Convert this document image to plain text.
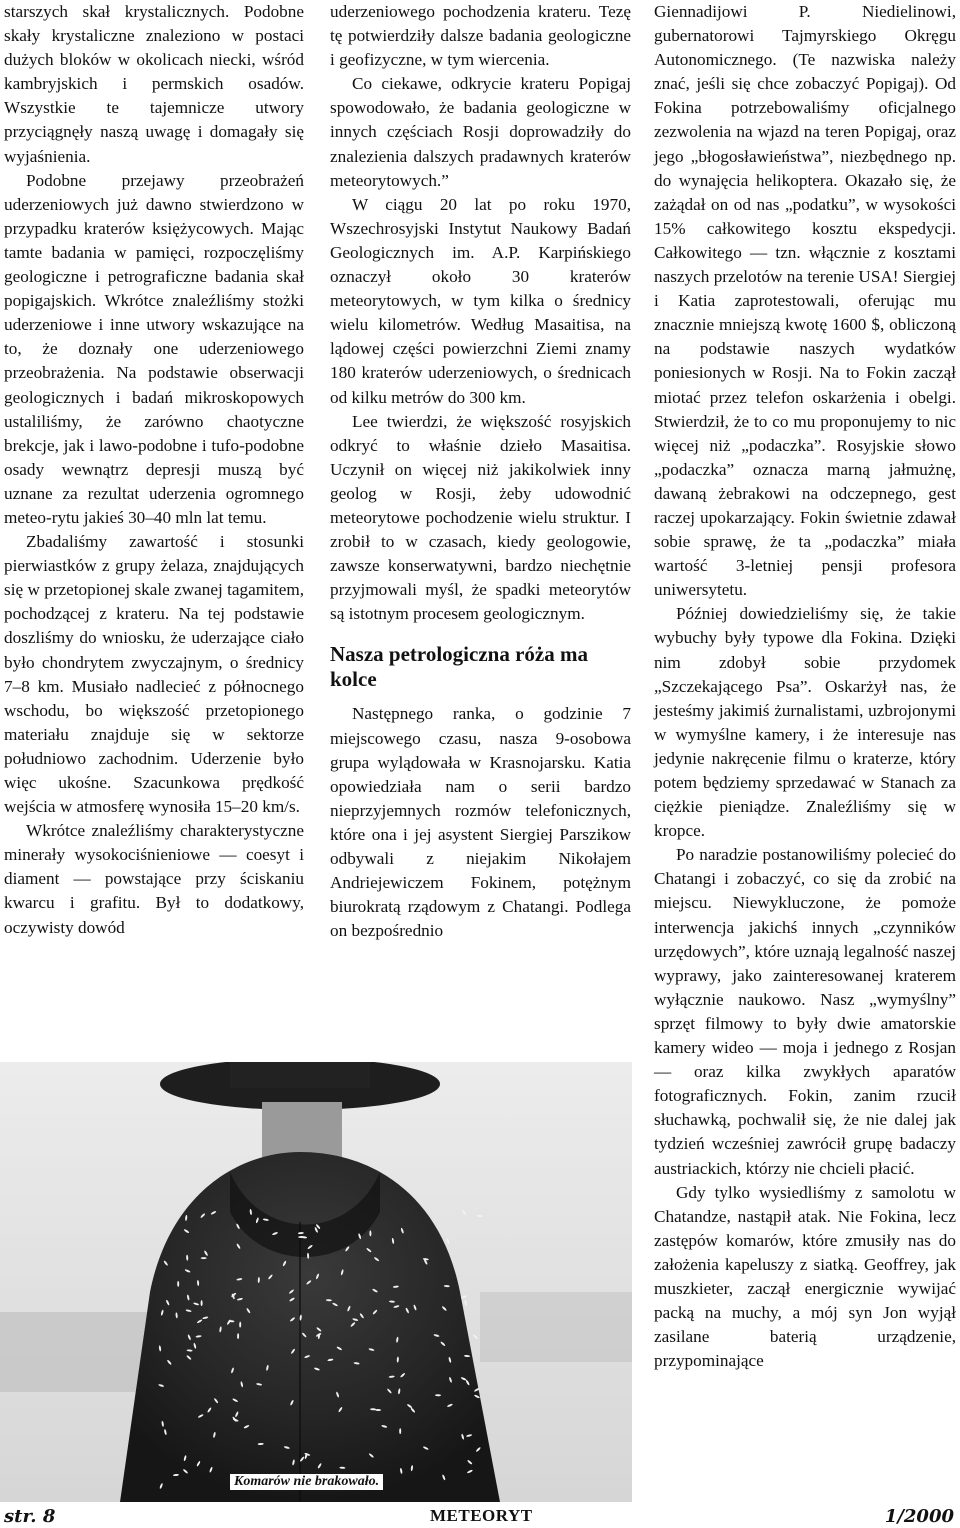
starszych skał krystalicznych. Podobne skały krystaliczne znaleziono w postaci dużych bloków w okolicach niecki, wśród kambryjskich i permskich osadów. Wszystkie te tajemnicze utwory przyciągnęły naszą uwagę i domagały się wyjaśnienia.

Podobne przejawy przeobrażeń uderzeniowych już dawno stwierdzono w przypadku kraterów księżycowych. Mając tamte badania w pamięci, rozpoczęliśmy geologiczne i petrograficzne badania skał popigajskich. Wkrótce znaleźliśmy stożki uderzeniowe i inne utwory wskazujące na to, że doznały one uderzeniowego przeobrażenia. Na podstawie obserwacji geologicznych i badań mikroskopowych ustaliliśmy, że zarówno chaotyczne brekcje, jak i lawo-podobne i tufo-podobne osady wewnątrz depresji muszą być uznane za rezultat uderzenia ogromnego meteo-rytu jakieś 30–40 mln lat temu.

Zbadaliśmy zawartość i stosunki pierwiastków z grupy żelaza, znajdujących się w przetopionej skale zwanej tagamitem, pochodzącej z krateru. Na tej podstawie doszliśmy do wniosku, że uderzające ciało było chondrytem zwyczajnym, o średnicy 7–8 km. Musiało nadlecieć z północnego wschodu, bo większość przetopionego materiału znajduje się w sektorze południowo zachodnim. Uderzenie było więc ukośne. Szacunkowa prędkość wejścia w atmosferę wynosiła 15–20 km/s.

Wkrótce znaleźliśmy charakterystyczne minerały wysokociśnieniowe — coesyt i diament — powstające przy ściskaniu kwarcu i grafitu. Był to dodatkowy, oczywisty dowód

uderzeniowego pochodzenia krateru. Tezę tę potwierdziły dalsze badania geologiczne i geofizyczne, w tym wiercenia.

Co ciekawe, odkrycie krateru Popigaj spowodowało, że badania geologiczne w innych częściach Rosji doprowadziły do znalezienia dalszych pradawnych kraterów meteorytowych.”

W ciągu 20 lat po roku 1970, Wszechrosyjski Instytut Naukowy Badań Geologicznych im. A.P. Karpińskiego oznaczył około 30 kraterów meteorytowych, w tym kilka o średnicy wielu kilometrów. Według Masaitisa, na lądowej części powierzchni Ziemi znamy 180 kraterów uderzeniowych, o średnicach od kilku metrów do 300 km.

Lee twierdzi, że większość rosyjskich odkryć to właśnie dzieło Masaitisa. Uczynił on więcej niż jakikolwiek inny geolog w Rosji, żeby udowodnić meteorytowe pochodzenie wielu struktur. I zrobił to w czasach, kiedy geologowie, zawsze konserwatywni, bardzo niechętnie przyjmowali myśl, że spadki meteorytów są istotnym procesem geologicznym.

Nasza petrologiczna róża ma kolce

Następnego ranka, o godzinie 7 miejscowego czasu, nasza 9-osobowa grupa wylądowała w Krasnojarsku. Katia opowiedziała nam o serii bardzo nieprzyjemnych rozmów telefonicznych, które ona i jej asystent Siergiej Parszikow odbywali z niejakim Nikołajem Andriejewiczem Fokinem, potężnym biurokratą rządowym z Chatangi. Podlega on bezpośrednio

Giennadijowi P. Niedielinowi, gubernatorowi Tajmyrskiego Okręgu Autonomicznego. (Te nazwiska należy znać, jeśli się chce zobaczyć Popigaj). Od Fokina potrzebowaliśmy oficjalnego zezwolenia na wjazd na teren Popigaj, oraz jego „błogosławieństwa”, niezbędnego np. do wynajęcia helikoptera. Okazało się, że zażądał on od nas „podatku”, w wysokości 15% całkowitego kosztu ekspedycji. Całkowitego — tzn. włącznie z kosztami naszych przelotów na terenie USA! Siergiej i Katia zaprotestowali, oferując mu znacznie mniejszą kwotę 1600 $, obliczoną na podstawie naszych wydatków poniesionych w Rosji. Na to Fokin zaczął miotać przez telefon oskarżenia i obelgi. Stwierdził, że to co mu proponujemy to nic więcej niż „podaczka”. Rosyjskie słowo „podaczka” oznacza marną jałmużnę, dawaną żebrakowi na odczepnego, gest raczej upokarzający. Fokin świetnie zdawał sobie sprawę, że ta „podaczka” miała wartość 3-letniej pensji profesora uniwersytetu.

Później dowiedzieliśmy się, że takie wybuchy były typowe dla Fokina. Dzięki nim zdobył sobie przydomek „Szczekającego Psa”. Oskarżył nas, że jesteśmy jakimiś żurnalistami, uzbrojonymi w wymyślne kamery, i że interesuje nas jedynie nakręcenie filmu o kraterze, który potem będziemy sprzedawać w Stanach za ciężkie pieniądze. Znaleźliśmy się w kropce.

Po naradzie postanowiliśmy polecieć do Chatangi i zobaczyć, co się da zrobić na miejscu. Niewykluczone, że pomoże interwencja jakichś innych „czynników urzędowych”, które uznają legalność naszej wyprawy, jako zainteresowanej kraterem wyłącznie naukowo. Nasz „wymyślny” sprzęt filmowy to były dwie amatorskie kamery wideo — moja i jednego z Rosjan — oraz kilka zwykłych aparatów fotograficznych. Fokin, zanim rzucił słuchawką, pochwalił się, że nie dalej jak tydzień wcześniej zawrócił grupę badaczy austriackich, którzy nie chcieli płacić.

Gdy tylko wysiedliśmy z samolotu w Chatandze, nastąpił atak. Nie Fokina, lecz zastępów komarów, które zmusiły nas do założenia kapeluszy z siatką. Geoffrey, jak muszkieter, zaczął energicznie wywijać packą na muchy, a mój syn Jon wyjął zasilane baterią urządzenie, przypominające

Komarów nie brakowało.
str. 8	METEORYT	1/2000
